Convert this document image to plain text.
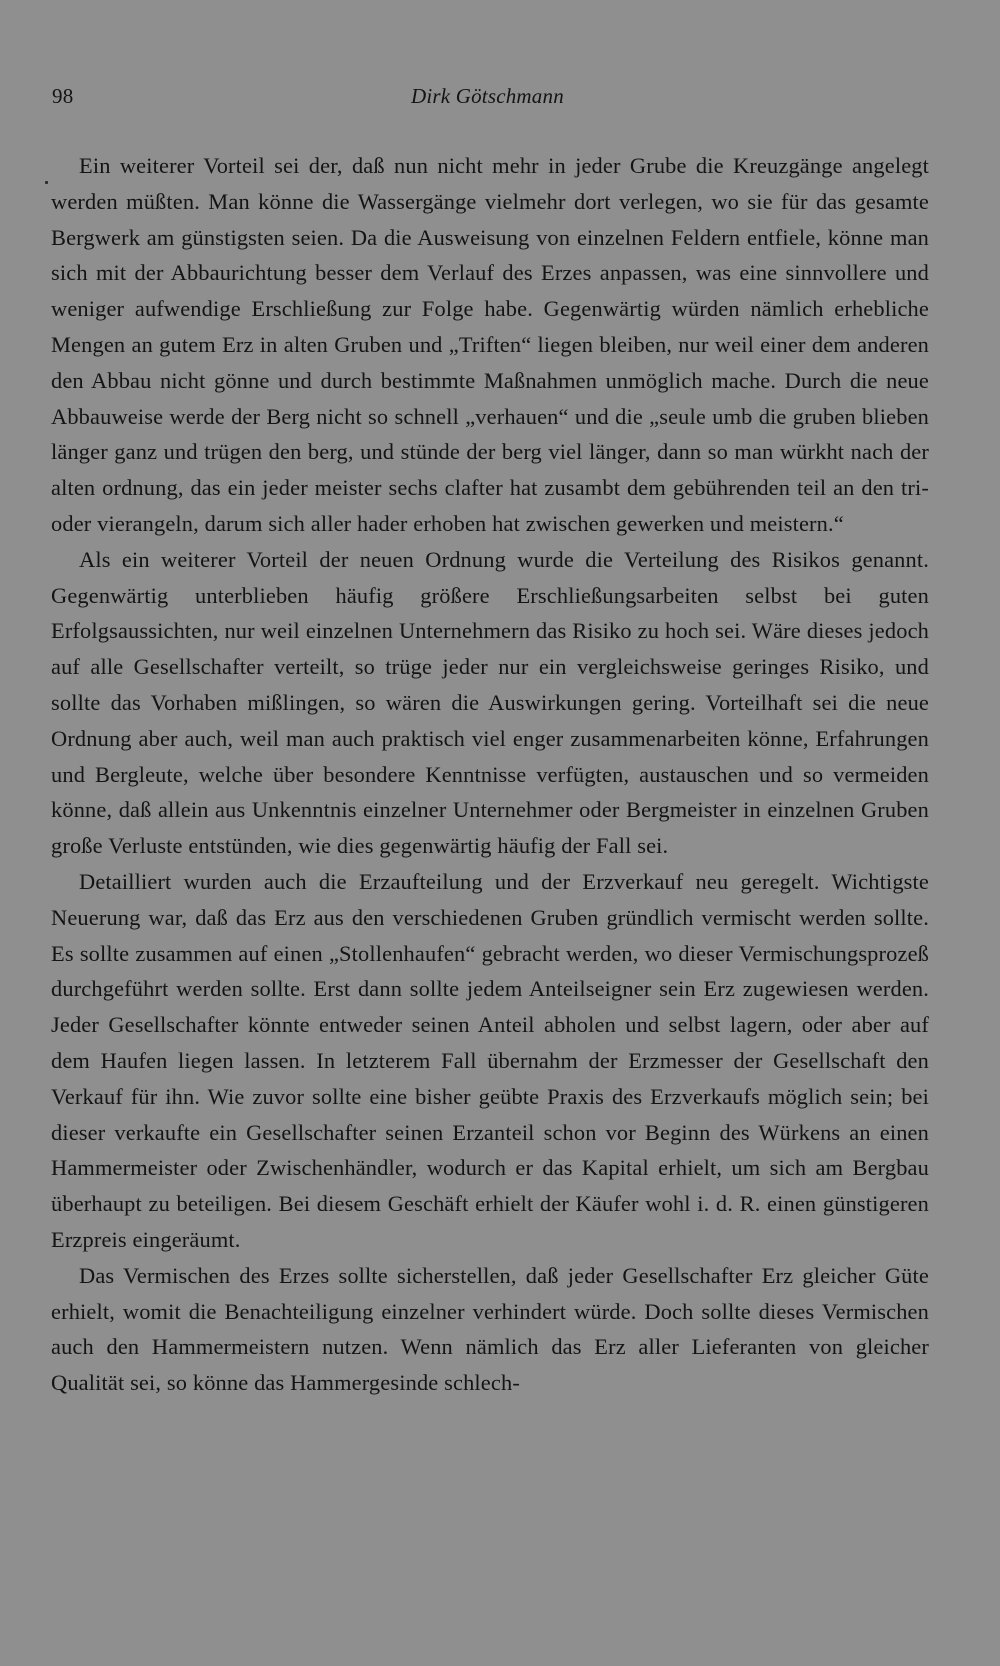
98	Dirk Götschmann

Ein weiterer Vorteil sei der, daß nun nicht mehr in jeder Grube die Kreuzgänge angelegt werden müßten. Man könne die Wassergänge vielmehr dort verlegen, wo sie für das gesamte Bergwerk am günstigsten seien. Da die Ausweisung von einzelnen Feldern entfiele, könne man sich mit der Abbaurichtung besser dem Verlauf des Erzes anpassen, was eine sinnvollere und weniger aufwendige Erschließung zur Folge habe. Gegenwärtig würden nämlich erhebliche Mengen an gutem Erz in alten Gruben und „Triften“ liegen bleiben, nur weil einer dem anderen den Abbau nicht gönne und durch bestimmte Maßnahmen unmöglich mache. Durch die neue Abbauweise werde der Berg nicht so schnell „verhauen“ und die „seule umb die gruben blieben länger ganz und trügen den berg, und stünde der berg viel länger, dann so man würkht nach der alten ordnung, das ein jeder meister sechs clafter hat zusambt dem gebührenden teil an den tri- oder vierangeln, darum sich aller hader erhoben hat zwischen gewerken und meistern.“

Als ein weiterer Vorteil der neuen Ordnung wurde die Verteilung des Risikos genannt. Gegenwärtig unterblieben häufig größere Erschließungsarbeiten selbst bei guten Erfolgsaussichten, nur weil einzelnen Unternehmern das Risiko zu hoch sei. Wäre dieses jedoch auf alle Gesellschafter verteilt, so trüge jeder nur ein vergleichsweise geringes Risiko, und sollte das Vorhaben mißlingen, so wären die Auswirkungen gering. Vorteilhaft sei die neue Ordnung aber auch, weil man auch praktisch viel enger zusammenarbeiten könne, Erfahrungen und Bergleute, welche über besondere Kenntnisse verfügten, austauschen und so vermeiden könne, daß allein aus Unkenntnis einzelner Unternehmer oder Bergmeister in einzelnen Gruben große Verluste entstünden, wie dies gegenwärtig häufig der Fall sei.

Detailliert wurden auch die Erzaufteilung und der Erzverkauf neu geregelt. Wichtigste Neuerung war, daß das Erz aus den verschiedenen Gruben gründlich vermischt werden sollte. Es sollte zusammen auf einen „Stollenhaufen“ gebracht werden, wo dieser Vermischungsprozeß durchgeführt werden sollte. Erst dann sollte jedem Anteilseigner sein Erz zugewiesen werden. Jeder Gesellschafter könnte entweder seinen Anteil abholen und selbst lagern, oder aber auf dem Haufen liegen lassen. In letzterem Fall übernahm der Erzmesser der Gesellschaft den Verkauf für ihn. Wie zuvor sollte eine bisher geübte Praxis des Erzverkaufs möglich sein; bei dieser verkaufte ein Gesellschafter seinen Erzanteil schon vor Beginn des Würkens an einen Hammermeister oder Zwischenhändler, wodurch er das Kapital erhielt, um sich am Bergbau überhaupt zu beteiligen. Bei diesem Geschäft erhielt der Käufer wohl i. d. R. einen günstigeren Erzpreis eingeräumt.

Das Vermischen des Erzes sollte sicherstellen, daß jeder Gesellschafter Erz gleicher Güte erhielt, womit die Benachteiligung einzelner verhindert würde. Doch sollte dieses Vermischen auch den Hammermeistern nutzen. Wenn nämlich das Erz aller Lieferanten von gleicher Qualität sei, so könne das Hammergesinde schlech-
